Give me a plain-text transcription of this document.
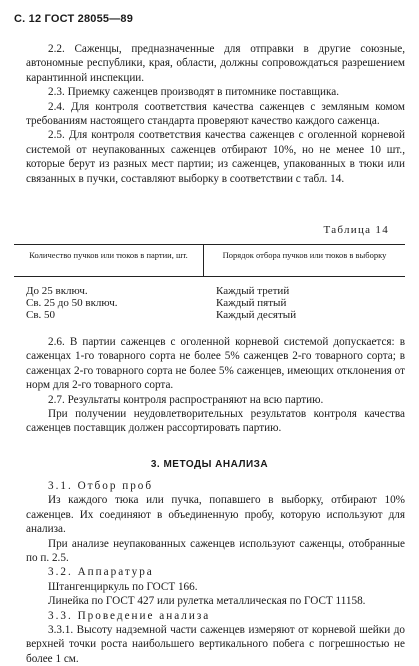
С. 12 ГОСТ 28055—89

2.2. Саженцы, предназначенные для отправки в другие союзные, автономные республики, края, области, должны сопровождаться разрешением карантинной инспекции.

2.3. Приемку саженцев производят в питомнике поставщика.

2.4. Для контроля соответствия качества саженцев с земляным комом требованиям настоящего стандарта проверяют качество каждого саженца.

2.5. Для контроля соответствия качества саженцев с оголенной корневой системой от неупакованных саженцев отбирают 10%, но не менее 10 шт., которые берут из разных мест партии; из саженцев, упакованных в тюки или связанных в пучки, составляют выборку в соответствии с табл. 14.

Таблица 14
Количество пучков или тюков в партии, шт.	Порядок отбора пучков или тюков в выборку
До 25 включ.	Каждый третий
Св. 25 до 50 включ.	Каждый пятый
Св. 50	Каждый десятый

2.6. В партии саженцев с оголенной корневой системой допускается: в саженцах 1-го товарного сорта не более 5% саженцев 2-го товарного сорта; в саженцах 2-го товарного сорта не более 5% саженцев, имеющих отклонения от норм для 2-го товарного сорта.

2.7. Результаты контроля распространяют на всю партию.

При получении неудовлетворительных результатов контроля качества саженцев поставщик должен рассортировать партию.

3. МЕТОДЫ АНАЛИЗА

3.1. Отбор проб

Из каждого тюка или пучка, попавшего в выборку, отбирают 10% саженцев. Их соединяют в объединенную пробу, которую используют для анализа.

При анализе неупакованных саженцев используют саженцы, отобранные по п. 2.5.

3.2. Аппаратура

Штангенциркуль по ГОСТ 166.

Линейка по ГОСТ 427 или рулетка металлическая по ГОСТ 11158.

3.3. Проведение анализа

3.3.1. Высоту надземной части саженцев измеряют от корневой шейки до верхней точки роста наибольшего вертикального побега с погрешностью не более 1 см.
